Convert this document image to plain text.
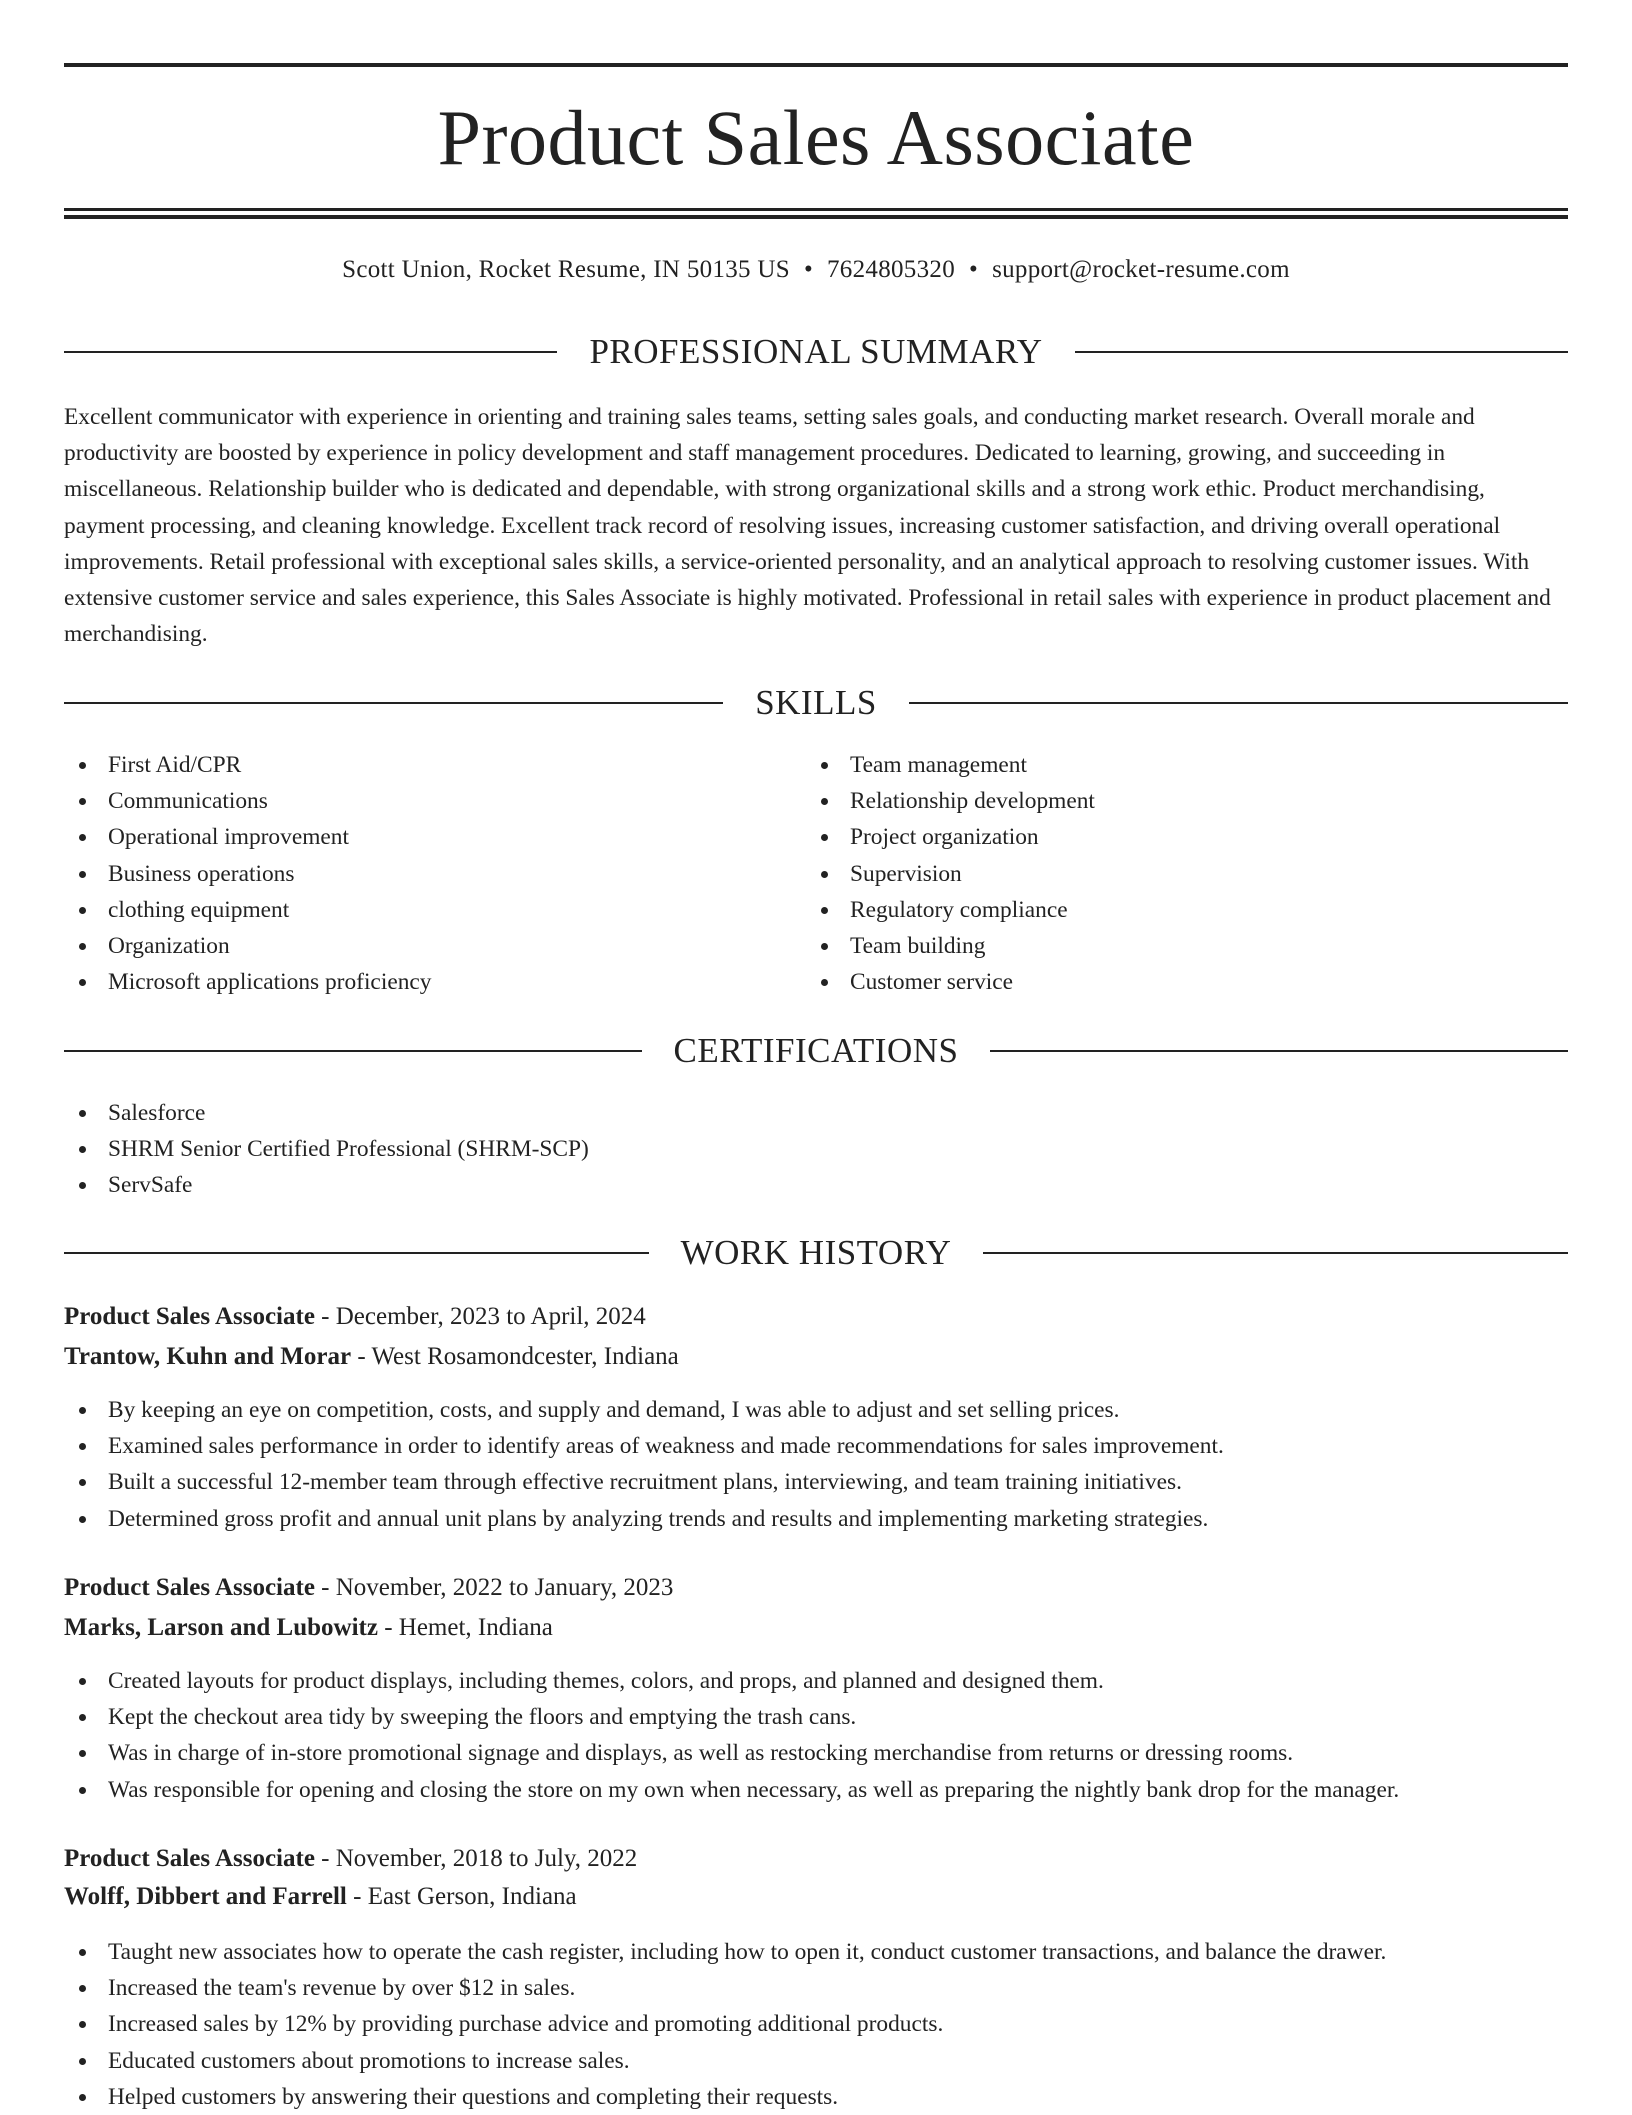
Product Sales Associate
Scott Union, Rocket Resume, IN 50135 US • 7624805320 • support@rocket-resume.com
PROFESSIONAL SUMMARY

Excellent communicator with experience in orienting and training sales teams, setting sales goals, and conducting market research. Overall morale and productivity are boosted by experience in policy development and staff management procedures. Dedicated to learning, growing, and succeeding in miscellaneous. Relationship builder who is dedicated and dependable, with strong organizational skills and a strong work ethic. Product merchandising, payment processing, and cleaning knowledge. Excellent track record of resolving issues, increasing customer satisfaction, and driving overall operational improvements. Retail professional with exceptional sales skills, a service-oriented personality, and an analytical approach to resolving customer issues. With extensive customer service and sales experience, this Sales Associate is highly motivated. Professional in retail sales with experience in product placement and merchandising.

SKILLS
First Aid/CPR
Communications
Operational improvement
Business operations
clothing equipment
Organization
Microsoft applications proficiency
Team management
Relationship development
Project organization
Supervision
Regulatory compliance
Team building
Customer service
CERTIFICATIONS
Salesforce
SHRM Senior Certified Professional (SHRM-SCP)
ServSafe
WORK HISTORY
Product Sales Associate - December, 2023 to April, 2024
Trantow, Kuhn and Morar - West Rosamondcester, Indiana
By keeping an eye on competition, costs, and supply and demand, I was able to adjust and set selling prices.
Examined sales performance in order to identify areas of weakness and made recommendations for sales improvement.
Built a successful 12-member team through effective recruitment plans, interviewing, and team training initiatives.
Determined gross profit and annual unit plans by analyzing trends and results and implementing marketing strategies.
Product Sales Associate - November, 2022 to January, 2023
Marks, Larson and Lubowitz - Hemet, Indiana
Created layouts for product displays, including themes, colors, and props, and planned and designed them.
Kept the checkout area tidy by sweeping the floors and emptying the trash cans.
Was in charge of in-store promotional signage and displays, as well as restocking merchandise from returns or dressing rooms.
Was responsible for opening and closing the store on my own when necessary, as well as preparing the nightly bank drop for the manager.
Product Sales Associate - November, 2018 to July, 2022
Wolff, Dibbert and Farrell - East Gerson, Indiana
Taught new associates how to operate the cash register, including how to open it, conduct customer transactions, and balance the drawer.
Increased the team's revenue by over $12 in sales.
Increased sales by 12% by providing purchase advice and promoting additional products.
Educated customers about promotions to increase sales.
Helped customers by answering their questions and completing their requests.
